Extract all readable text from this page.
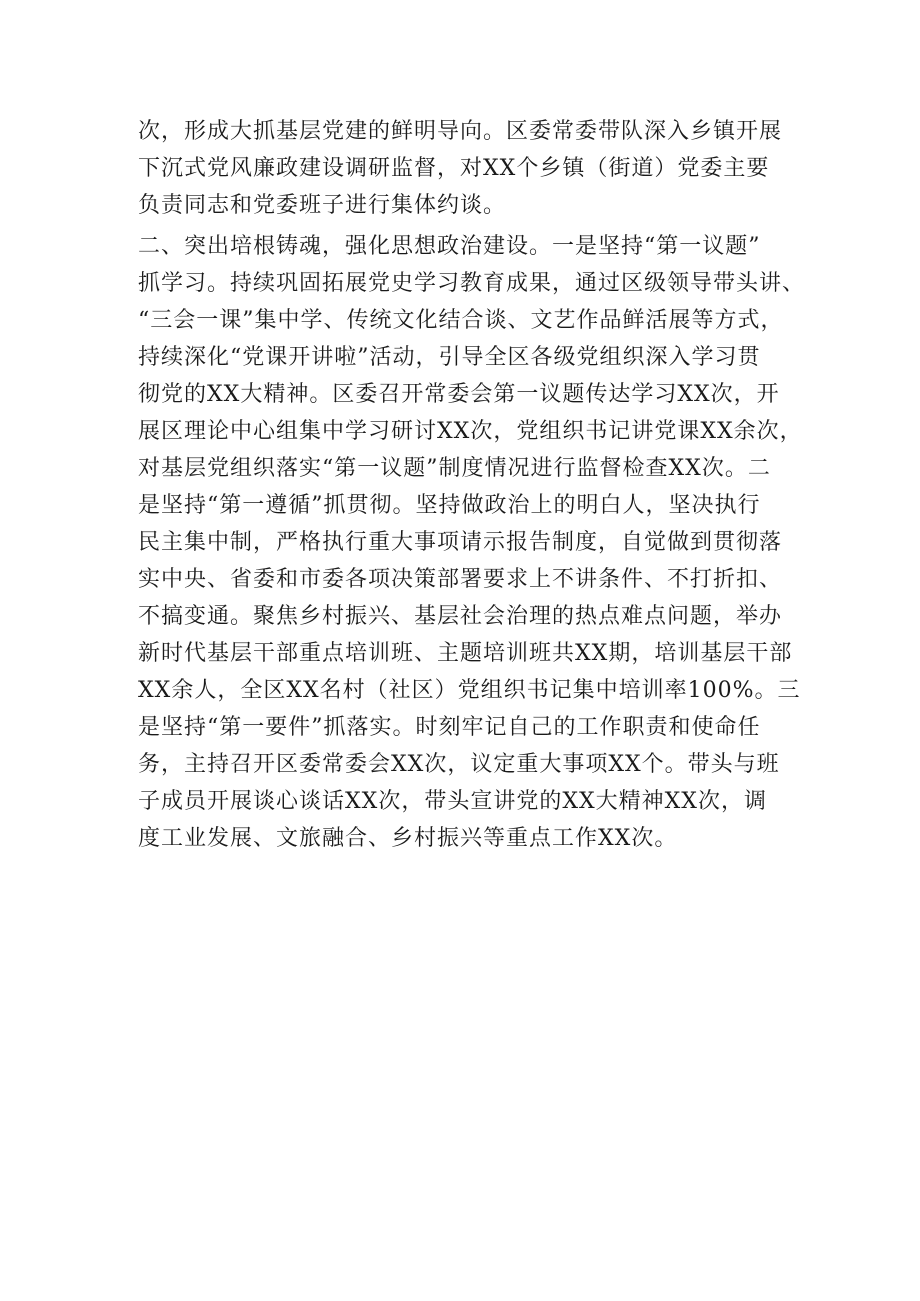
次，形成大抓基层党建的鲜明导向。区委常委带队深入乡镇开展
下沉式党风廉政建设调研监督，对XX个乡镇（街道）党委主要
负责同志和党委班子进行集体约谈。
二、突出培根铸魂，强化思想政治建设。一是坚持“第一议题”
抓学习。持续巩固拓展党史学习教育成果，通过区级领导带头讲、
“三会一课”集中学、传统文化结合谈、文艺作品鲜活展等方式，
持续深化“党课开讲啦”活动，引导全区各级党组织深入学习贯
彻党的XX大精神。区委召开常委会第一议题传达学习XX次，开
展区理论中心组集中学习研讨XX次，党组织书记讲党课XX余次，
对基层党组织落实“第一议题”制度情况进行监督检查XX次。二
是坚持“第一遵循”抓贯彻。坚持做政治上的明白人，坚决执行
民主集中制，严格执行重大事项请示报告制度，自觉做到贯彻落
实中央、省委和市委各项决策部署要求上不讲条件、不打折扣、
不搞变通。聚焦乡村振兴、基层社会治理的热点难点问题，举办
新时代基层干部重点培训班、主题培训班共XX期，培训基层干部
XX余人，全区XX名村（社区）党组织书记集中培训率100%。三
是坚持“第一要件”抓落实。时刻牢记自己的工作职责和使命任
务，主持召开区委常委会XX次，议定重大事项XX个。带头与班
子成员开展谈心谈话XX次，带头宣讲党的XX大精神XX次，调
度工业发展、文旅融合、乡村振兴等重点工作XX次。
